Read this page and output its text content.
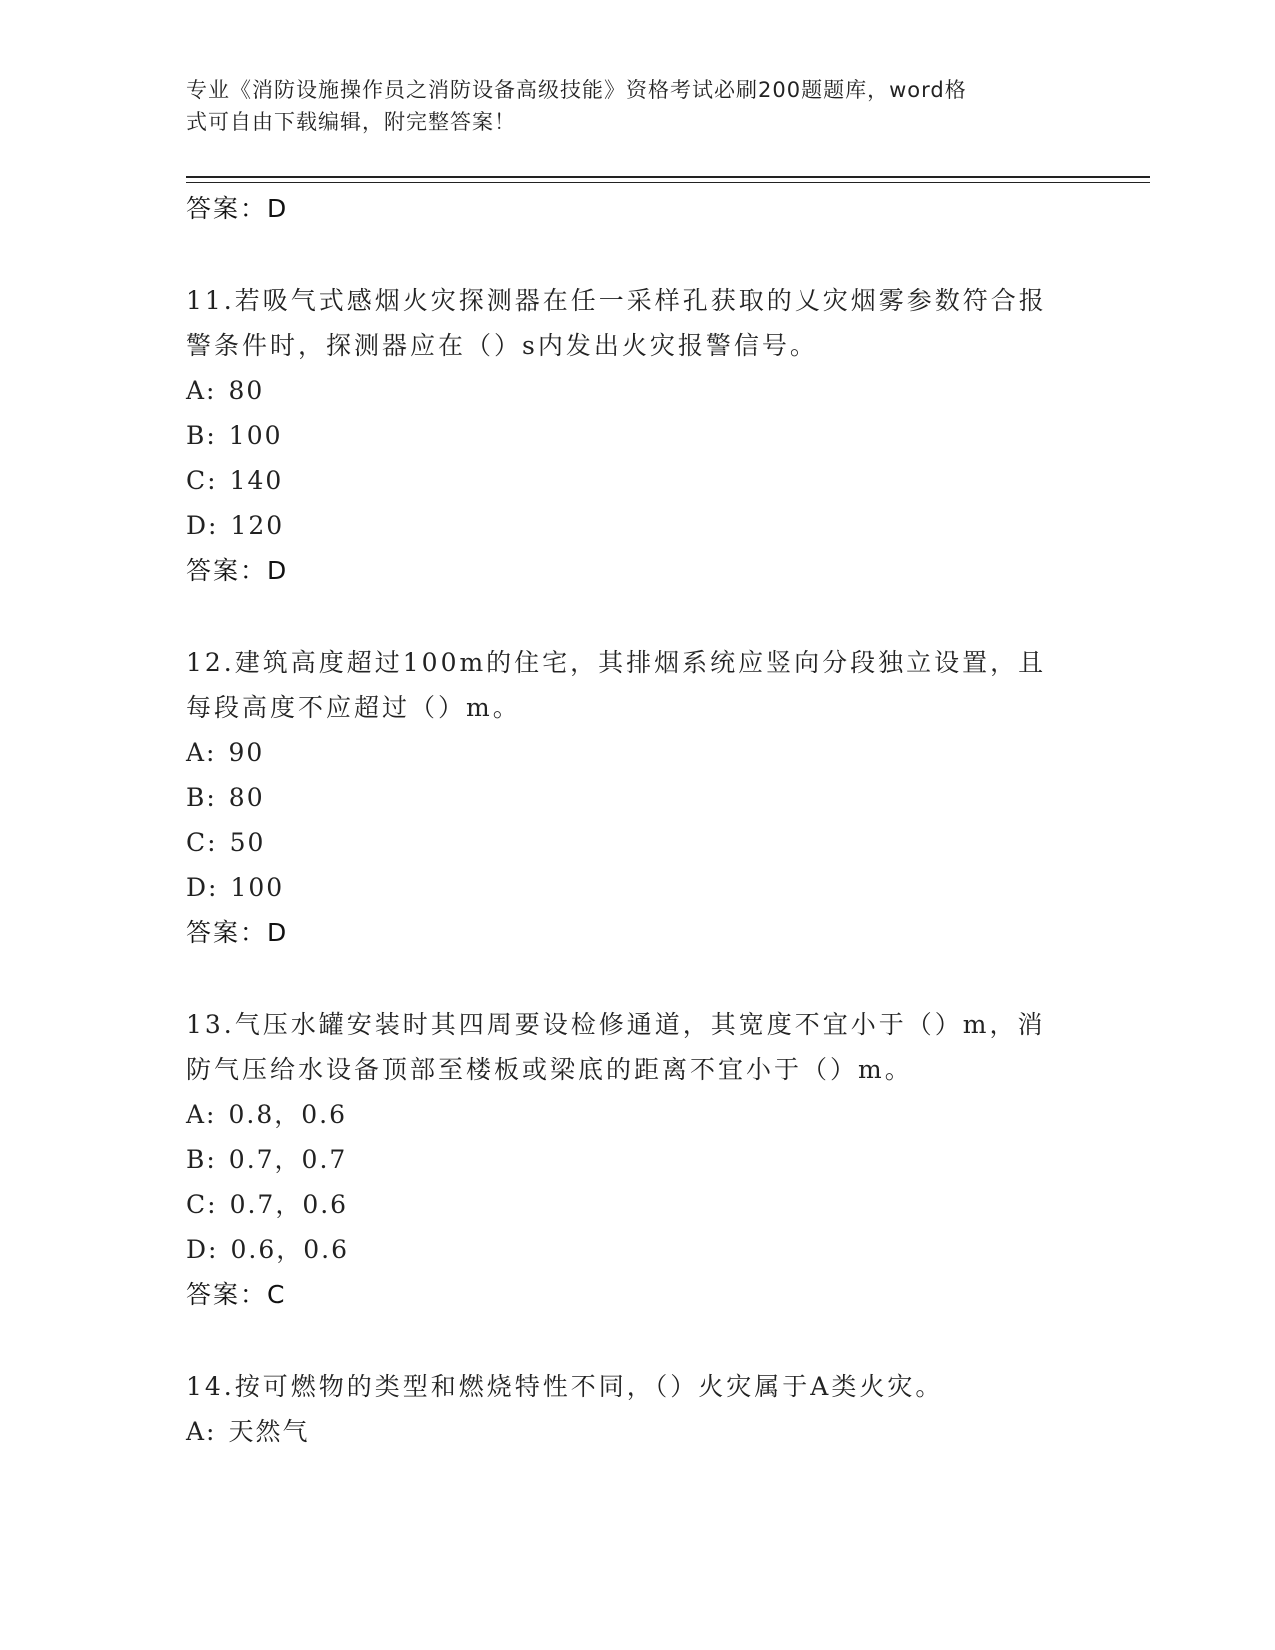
专业《消防设施操作员之消防设备高级技能》资格考试必刷200题题库，word格
式可自由下载编辑，附完整答案！
答案：D
11.若吸气式感烟火灾探测器在任一采样孔获取的乂灾烟雾参数符合报
警条件时，探测器应在（）s内发出火灾报警信号。
A: 80
B: 100
C: 140
D: 120
答案：D
12.建筑高度超过100m的住宅，其排烟系统应竖向分段独立设置，且
每段高度不应超过（）m。
A: 90
B: 80
C: 50
D: 100
答案：D
13.气压水罐安装时其四周要设检修通道，其宽度不宜小于（）m，消
防气压给水设备顶部至楼板或梁底的距离不宜小于（）m。
A: 0.8，0.6
B: 0.7，0.7
C: 0.7，0.6
D: 0.6，0.6
答案：C
14.按可燃物的类型和燃烧特性不同，（）火灾属于A类火灾。
A: 天然气
